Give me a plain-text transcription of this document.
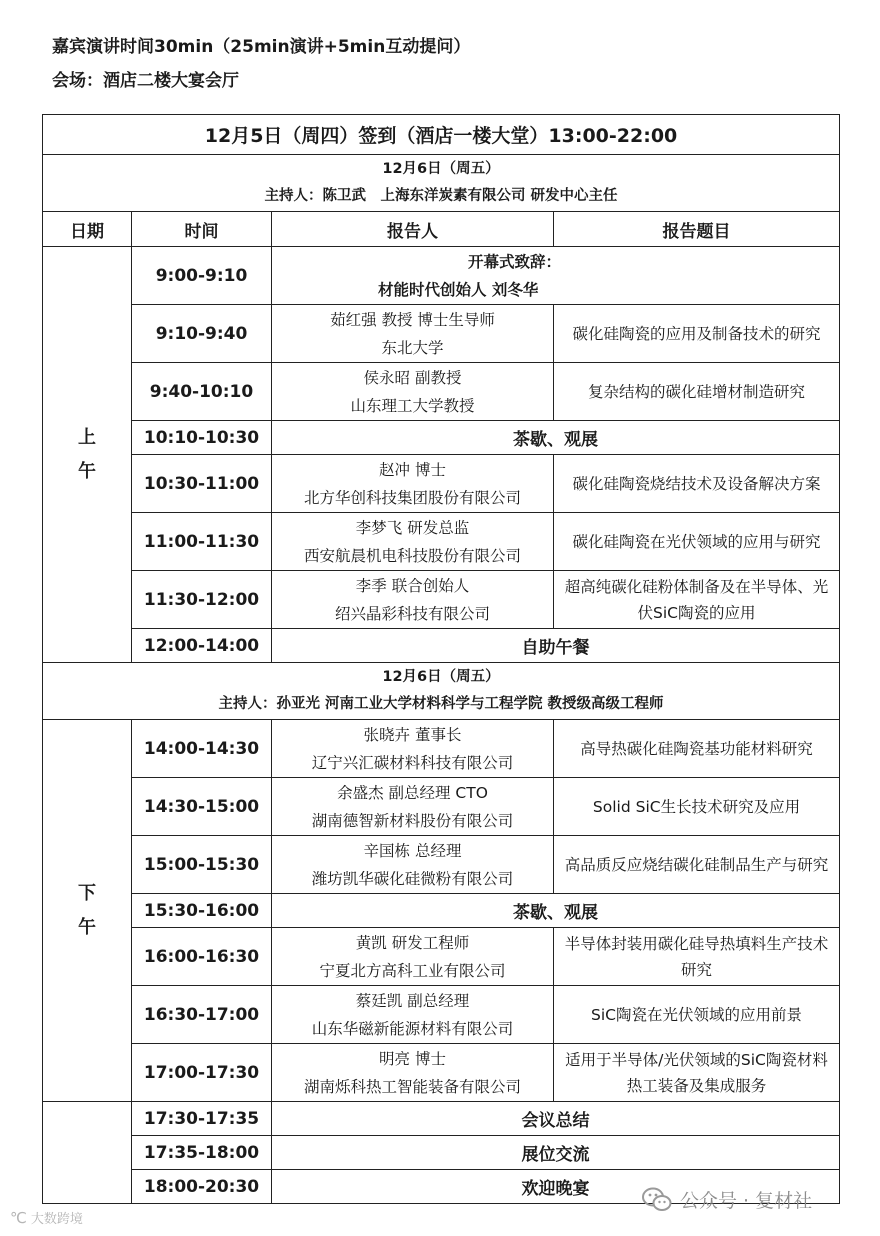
嘉宾演讲时间30min（25min演讲+5min互动提问）
会场：酒店二楼大宴会厅
12月5日（周四）签到（酒店一楼大堂）13:00-22:00			

12月6日（周五）
主持人：陈卫武　上海东洋炭素有限公司 研发中心主任			

日期	时间	报告人	报告题目

上午	9:00-9:10	开幕式致辞：
材能时代创始人 刘冬华	

	9:10-9:40	茹红强 教授 博士生导师
东北大学	碳化硅陶瓷的应用及制备技术的研究
	9:40-10:10	侯永昭 副教授
山东理工大学教授	复杂结构的碳化硅增材制造研究
	10:10-10:30	茶歇、观展	
	10:30-11:00	赵冲 博士
北方华创科技集团股份有限公司	碳化硅陶瓷烧结技术及设备解决方案
	11:00-11:30	李梦飞 研发总监
西安航晨机电科技股份有限公司	碳化硅陶瓷在光伏领域的应用与研究
	11:30-12:00	李季 联合创始人
绍兴晶彩科技有限公司	超高纯碳化硅粉体制备及在半导体、光伏SiC陶瓷的应用
	12:00-14:00	自助午餐	

12月6日（周五）
主持人：孙亚光 河南工业大学材料科学与工程学院 教授级高级工程师			

下午	14:00-14:30	张晓卉 董事长
辽宁兴汇碳材料科技有限公司	高导热碳化硅陶瓷基功能材料研究
	14:30-15:00	余盛杰 副总经理 CTO
湖南德智新材料股份有限公司	Solid SiC生长技术研究及应用
	15:00-15:30	辛国栋 总经理
潍坊凯华碳化硅微粉有限公司	高品质反应烧结碳化硅制品生产与研究
	15:30-16:00	茶歇、观展	
	16:00-16:30	黄凯 研发工程师
宁夏北方高科工业有限公司	半导体封装用碳化硅导热填料生产技术研究
	16:30-17:00	蔡廷凯 副总经理
山东华磁新能源材料有限公司	SiC陶瓷在光伏领域的应用前景
	17:00-17:30	明亮 博士
湖南烁科热工智能装备有限公司	适用于半导体/光伏领域的SiC陶瓷材料热工装备及集成服务
	17:30-17:35	会议总结	
	17:35-18:00	展位交流	
	18:00-20:30	欢迎晚宴	
公众号 · 复材社
℃ 大数跨境
